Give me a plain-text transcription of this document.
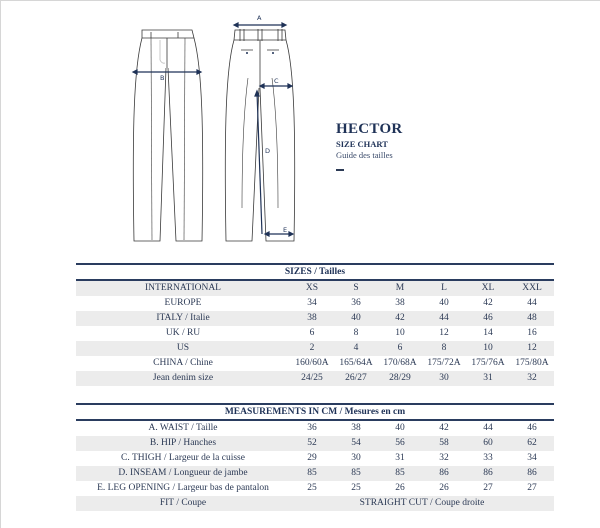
A
B	C
D
E
HECTOR
SIZE CHART
Guide des tailles
SIZES / Tailles
INTERNATIONAL	XS	S	M	L	XL	XXL
EUROPE	34	36	38	40	42	44
ITALY / Italie	38	40	42	44	46	48
UK / RU	6	8	10	12	14	16
US	2	4	6	8	10	12
CHINA / Chine	160/60A	165/64A	170/68A	175/72A	175/76A	175/80A
Jean denim size	24/25	26/27	28/29	30	31	32
MEASUREMENTS IN CM / Mesures en cm
A. WAIST / Taille	36	38	40	42	44	46
B. HIP / Hanches	52	54	56	58	60	62
C. THIGH / Largeur de la cuisse	29	30	31	32	33	34
D. INSEAM / Longueur de jambe	85	85	85	86	86	86
E. LEG OPENING / Largeur bas de pantalon	25	25	26	26	27	27
FIT / Coupe	STRAIGHT CUT / Coupe droite
